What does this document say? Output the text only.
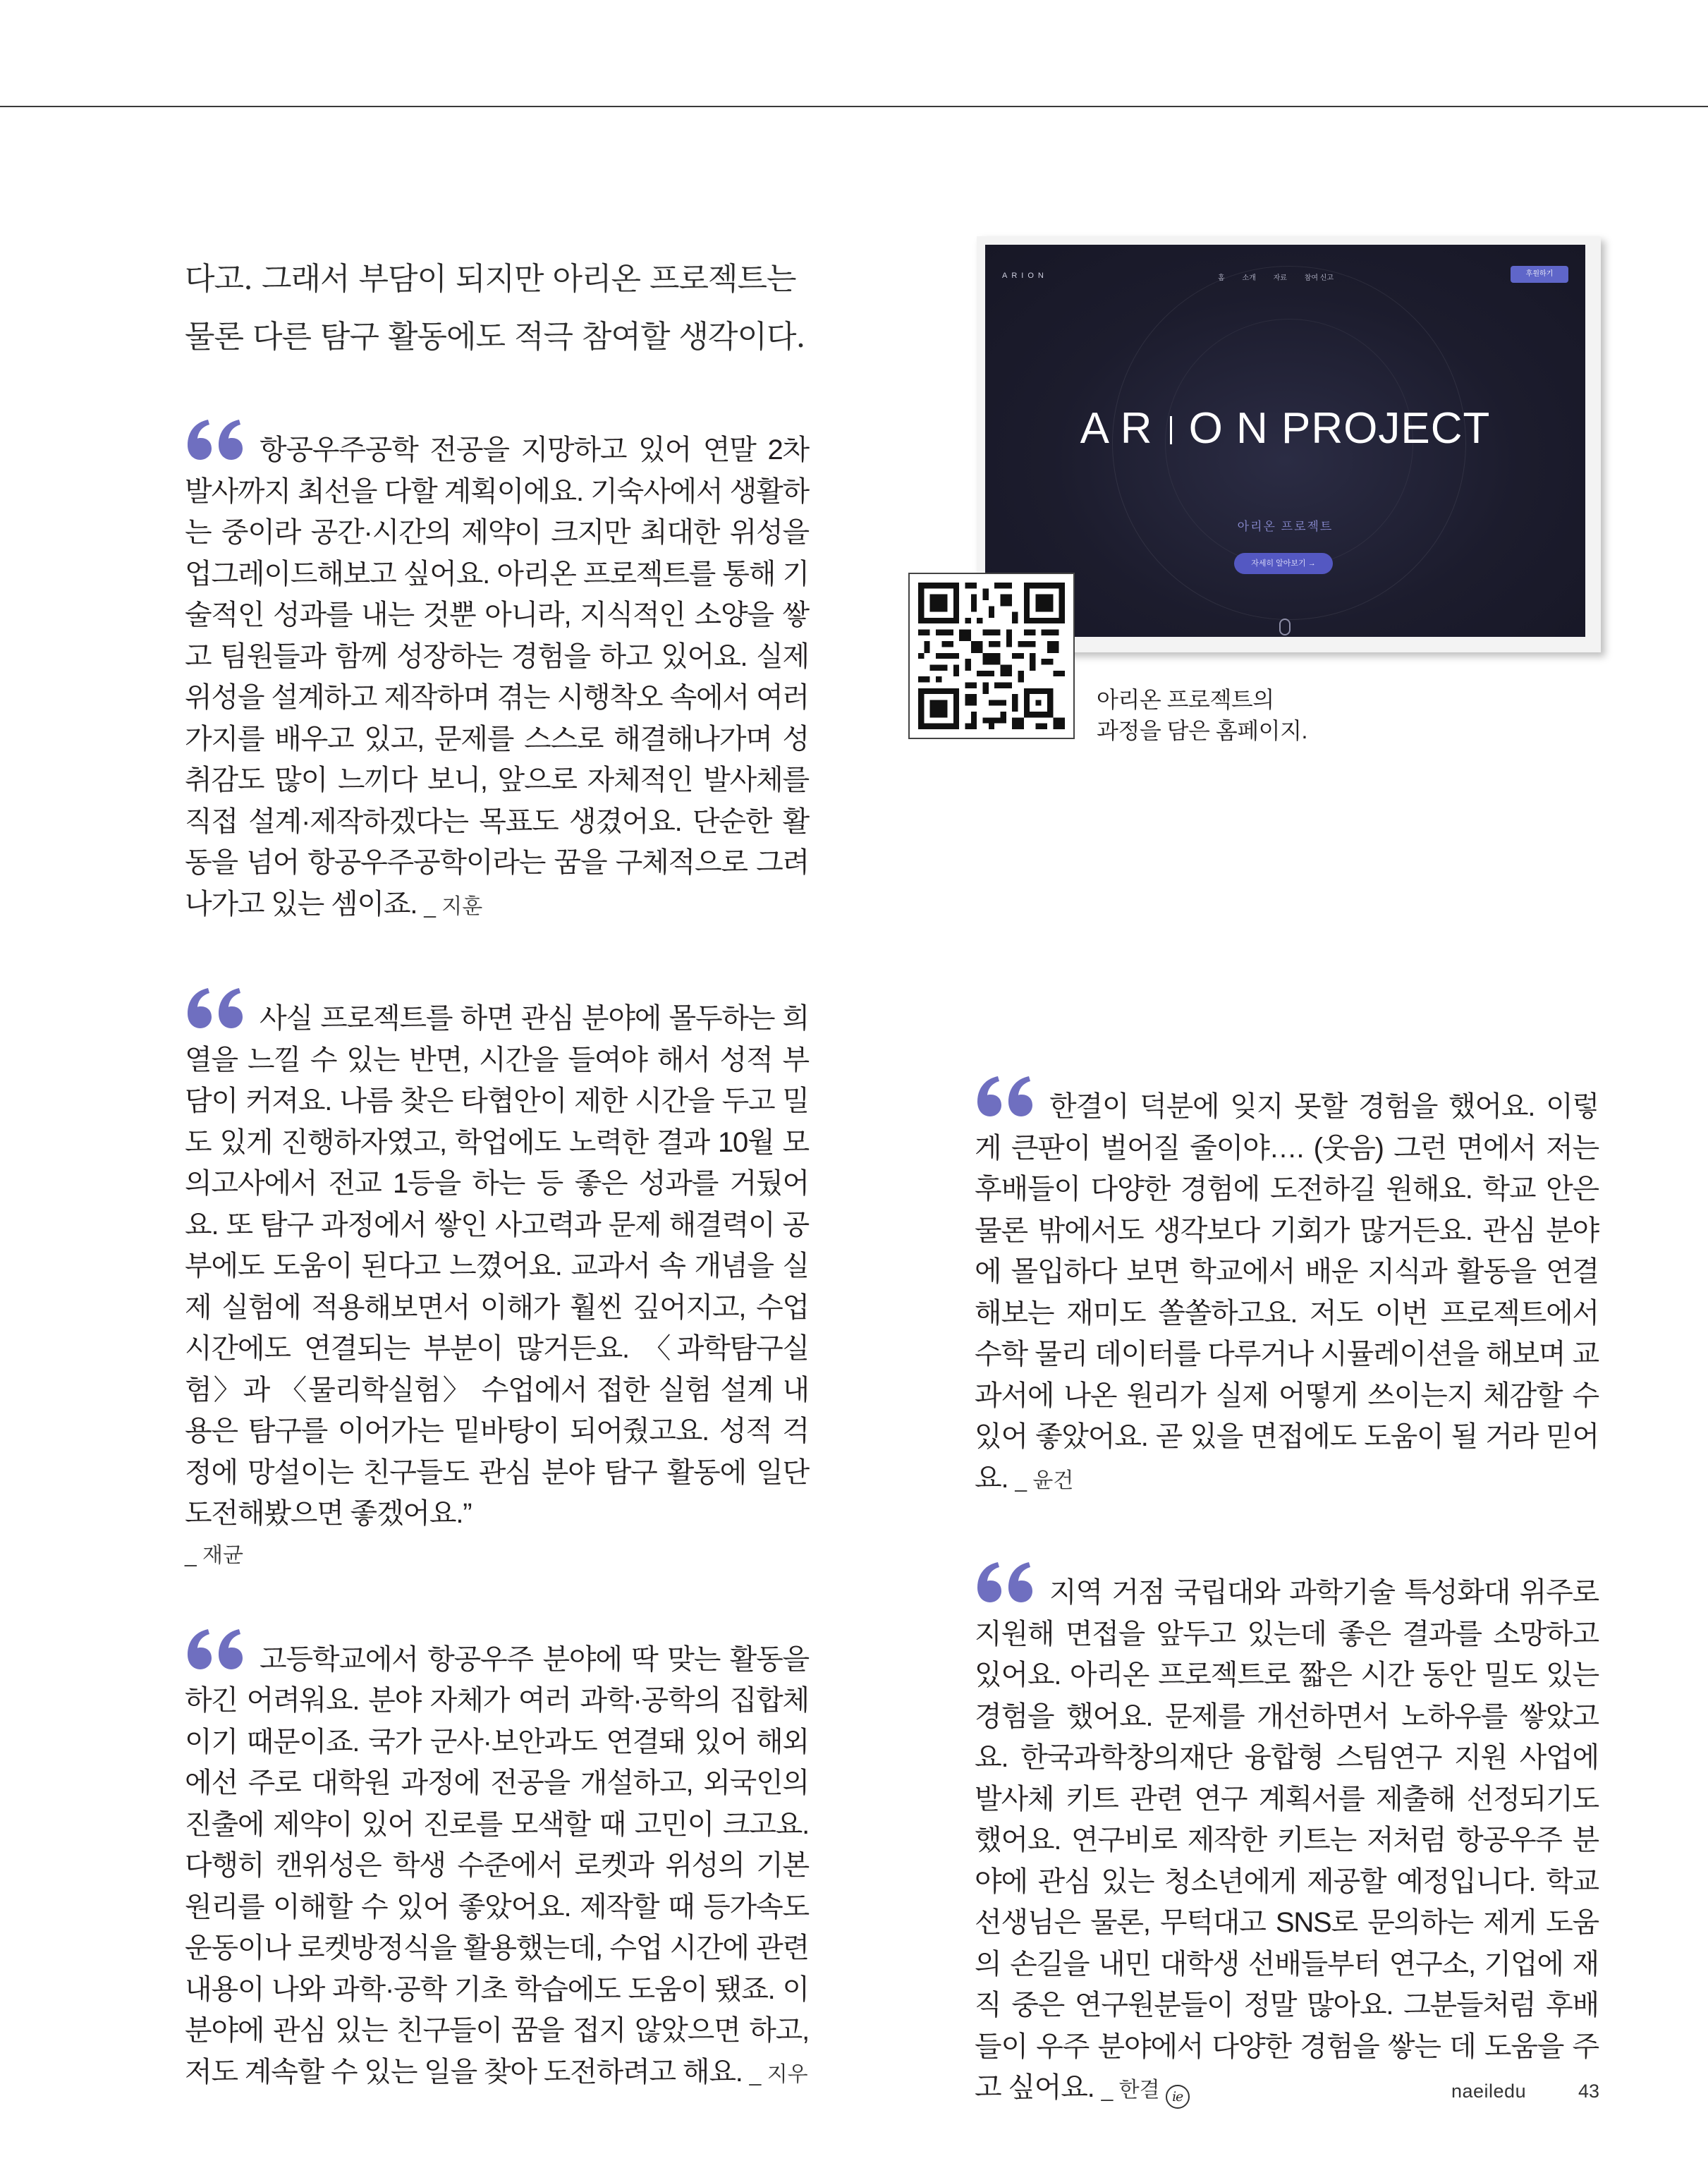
다고. 그래서 부담이 되지만 아리온 프로젝트는
물론 다른 탐구 활동에도 적극 참여할 생각이다.

항공우주공학 전공을 지망하고 있어 연말 2차 발사까지 최선을 다할 계획이에요. 기숙사에서 생활하는 중이라 공간·시간의 제약이 크지만 최대한 위성을 업그레이드해보고 싶어요. 아리온 프로젝트를 통해 기술적인 성과를 내는 것뿐 아니라, 지식적인 소양을 쌓고 팀원들과 함께 성장하는 경험을 하고 있어요. 실제 위성을 설계하고 제작하며 겪는 시행착오 속에서 여러가지를 배우고 있고, 문제를 스스로 해결해나가며 성취감도 많이 느끼다 보니, 앞으로 자체적인 발사체를 직접 설계·제작하겠다는 목표도 생겼어요. 단순한 활동을 넘어 항공우주공학이라는 꿈을 구체적으로 그려나가고 있는 셈이죠. _ 지훈

사실 프로젝트를 하면 관심 분야에 몰두하는 희열을 느낄 수 있는 반면, 시간을 들여야 해서 성적 부담이 커져요. 나름 찾은 타협안이 제한 시간을 두고 밀도 있게 진행하자였고, 학업에도 노력한 결과 10월 모의고사에서 전교 1등을 하는 등 좋은 성과를 거뒀어요. 또 탐구 과정에서 쌓인 사고력과 문제 해결력이 공부에도 도움이 된다고 느꼈어요. 교과서 속 개념을 실제 실험에 적용해보면서 이해가 훨씬 깊어지고, 수업 시간에도 연결되는 부분이 많거든요. 〈과학탐구실험〉과 〈물리학실험〉 수업에서 접한 실험 설계 내용은 탐구를 이어가는 밑바탕이 되어줬고요. 성적 걱정에 망설이는 친구들도 관심 분야 탐구 활동에 일단 도전해봤으면 좋겠어요.”

_ 재균

고등학교에서 항공우주 분야에 딱 맞는 활동을 하긴 어려워요. 분야 자체가 여러 과학·공학의 집합체이기 때문이죠. 국가 군사·보안과도 연결돼 있어 해외에선 주로 대학원 과정에 전공을 개설하고, 외국인의 진출에 제약이 있어 진로를 모색할 때 고민이 크고요. 다행히 캔위성은 학생 수준에서 로켓과 위성의 기본 원리를 이해할 수 있어 좋았어요. 제작할 때 등가속도 운동이나 로켓방정식을 활용했는데, 수업 시간에 관련 내용이 나와 과학·공학 기초 학습에도 도움이 됐죠. 이 분야에 관심 있는 친구들이 꿈을 접지 않았으면 하고, 저도 계속할 수 있는 일을 찾아 도전하려고 해요. _ 지우

ARION	홈 소개 자료 참여 신고
후원하기
A R O N PROJECT
아리온 프로젝트
자세히 알아보기 →
아리온 프로젝트의
과정을 담은 홈페이지.

한결이 덕분에 잊지 못할 경험을 했어요. 이렇게 큰판이 벌어질 줄이야…. (웃음) 그런 면에서 저는 후배들이 다양한 경험에 도전하길 원해요. 학교 안은 물론 밖에서도 생각보다 기회가 많거든요. 관심 분야에 몰입하다 보면 학교에서 배운 지식과 활동을 연결해보는 재미도 쏠쏠하고요. 저도 이번 프로젝트에서 수학 물리 데이터를 다루거나 시뮬레이션을 해보며 교과서에 나온 원리가 실제 어떻게 쓰이는지 체감할 수 있어 좋았어요. 곧 있을 면접에도 도움이 될 거라 믿어요. _ 윤건

지역 거점 국립대와 과학기술 특성화대 위주로 지원해 면접을 앞두고 있는데 좋은 결과를 소망하고 있어요. 아리온 프로젝트로 짧은 시간 동안 밀도 있는 경험을 했어요. 문제를 개선하면서 노하우를 쌓았고요. 한국과학창의재단 융합형 스팀연구 지원 사업에 발사체 키트 관련 연구 계획서를 제출해 선정되기도 했어요. 연구비로 제작한 키트는 저처럼 항공우주 분야에 관심 있는 청소년에게 제공할 예정입니다. 학교 선생님은 물론, 무턱대고 SNS로 문의하는 제게 도움의 손길을 내민 대학생 선배들부터 연구소, 기업에 재직 중은 연구원분들이 정말 많아요. 그분들처럼 후배들이 우주 분야에서 다양한 경험을 쌓는 데 도움을 주고 싶어요. _ 한결 ie	naeiledu	43
